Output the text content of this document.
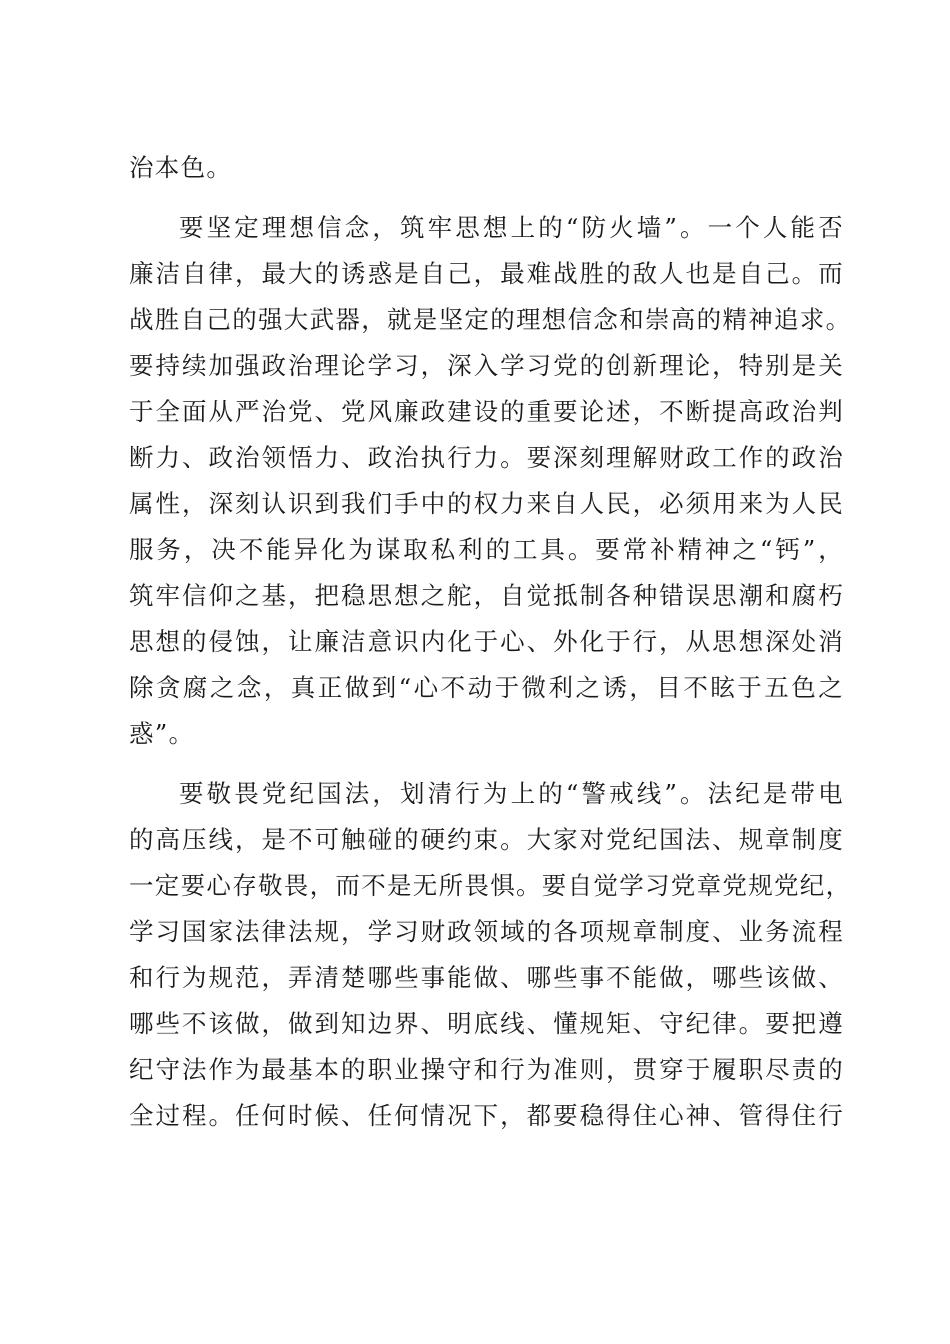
治本色。
要坚定理想信念，筑牢思想上的“防火墙”。一个人能否
廉洁自律，最大的诱惑是自己，最难战胜的敌人也是自己。而
战胜自己的强大武器，就是坚定的理想信念和崇高的精神追求。
要持续加强政治理论学习，深入学习党的创新理论，特别是关
于全面从严治党、党风廉政建设的重要论述，不断提高政治判
断力、政治领悟力、政治执行力。要深刻理解财政工作的政治
属性，深刻认识到我们手中的权力来自人民，必须用来为人民
服务，决不能异化为谋取私利的工具。要常补精神之“钙”，
筑牢信仰之基，把稳思想之舵，自觉抵制各种错误思潮和腐朽
思想的侵蚀，让廉洁意识内化于心、外化于行，从思想深处消
除贪腐之念，真正做到“心不动于微利之诱，目不眩于五色之
惑”。
要敬畏党纪国法，划清行为上的“警戒线”。法纪是带电
的高压线，是不可触碰的硬约束。大家对党纪国法、规章制度
一定要心存敬畏，而不是无所畏惧。要自觉学习党章党规党纪，
学习国家法律法规，学习财政领域的各项规章制度、业务流程
和行为规范，弄清楚哪些事能做、哪些事不能做，哪些该做、
哪些不该做，做到知边界、明底线、懂规矩、守纪律。要把遵
纪守法作为最基本的职业操守和行为准则，贯穿于履职尽责的
全过程。任何时候、任何情况下，都要稳得住心神、管得住行
